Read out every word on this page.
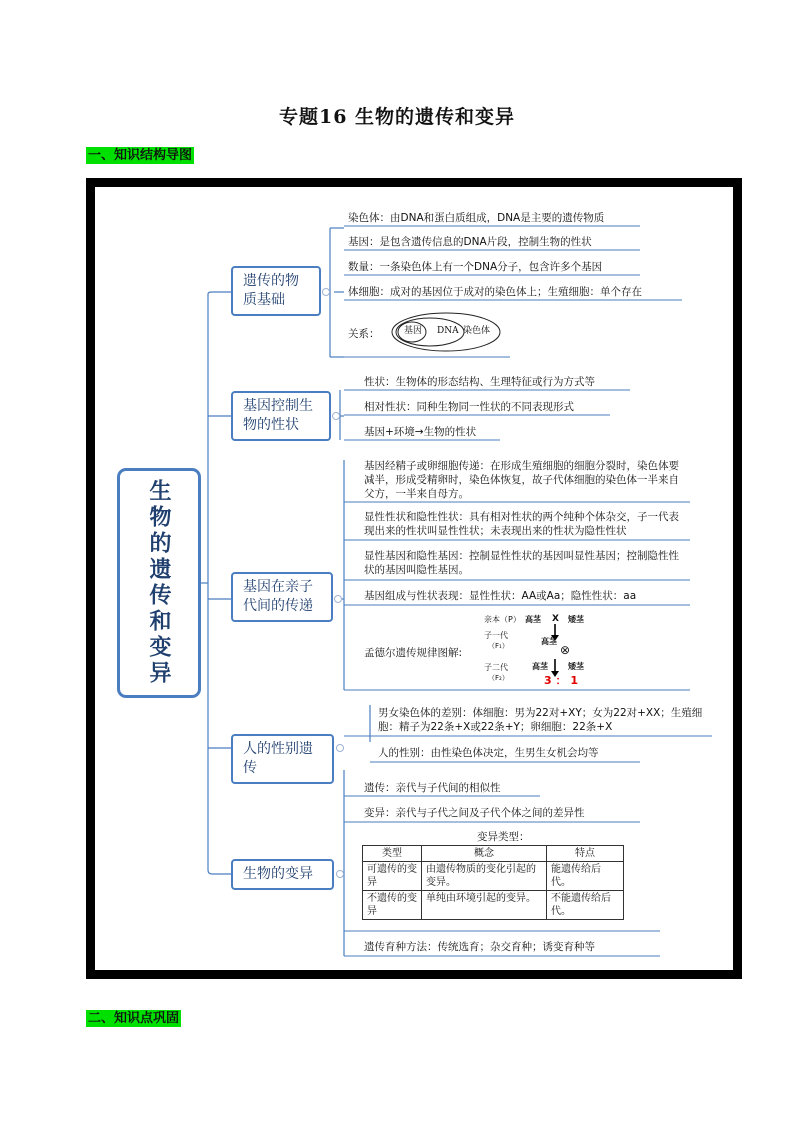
专题16 生物的遗传和变异
一、知识结构导图
二、知识点巩固
生物的遗传和变异
遗传的物质基础
基因控制生物的性状
基因在亲子代间的传递
人的性别遗传
生物的变异
染色体：由DNA和蛋白质组成，DNA是主要的遗传物质
基因：是包含遗传信息的DNA片段，控制生物的性状
数量：一条染色体上有一个DNA分子，包含许多个基因
体细胞：成对的基因位于成对的染色体上；生殖细胞：单个存在
关系：	基因 DNA 染色体
性状：生物体的形态结构、生理特征或行为方式等
相对性状：同种生物同一性状的不同表现形式
基因+环境→生物的性状
基因经精子或卵细胞传递：在形成生殖细胞的细胞分裂时，染色体要减半，形成受精卵时，染色体恢复，故子代体细胞的染色体一半来自父方，一半来自母方。
显性性状和隐性性状：具有相对性状的两个纯种个体杂交，子一代表现出来的性状叫显性性状；未表现出来的性状为隐性性状
显性基因和隐性基因：控制显性性状的基因叫显性基因；控制隐性性状的基因叫隐性基因。
基因组成与性状表现：显性性状：AA或Aa；隐性性状：aa
孟德尔遗传规律图解:
亲本（P） 高茎 X 矮茎
子一代
（F₁）	高茎
⊗
子二代
（F₂）
高茎	矮茎
3 ： 1
男女染色体的差别：体细胞：男为22对+XY；女为22对+XX；生殖细胞：精子为22条+X或22条+Y；卵细胞：22条+X
人的性别：由性染色体决定，生男生女机会均等
遗传：亲代与子代间的相似性
变异：亲代与子代之间及子代个体之间的差异性
变异类型：
类型	概念	特点
可遗传的变异	由遗传物质的变化引起的变异。	能遗传给后代。
不遗传的变异	单纯由环境引起的变异。	不能遗传给后代。
遗传育种方法：传统选育；杂交育种；诱变育种等
